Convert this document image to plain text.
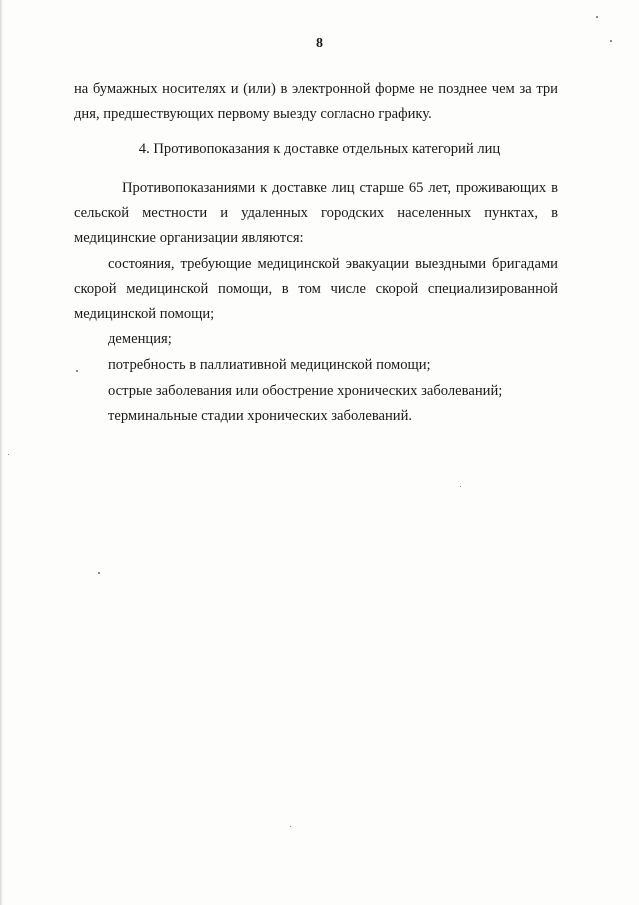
8
на бумажных носителях и (или) в электронной форме не позднее чем за три дня, предшествующих первому выезду согласно графику.
4. Противопоказания к доставке отдельных категорий лиц
Противопоказаниями к доставке лиц старше 65 лет, проживающих в сельской местности и удаленных городских населенных пунктах, в медицинские организации являются:
состояния, требующие медицинской эвакуации выездными бригадами скорой медицинской помощи, в том числе скорой специализированной медицинской помощи;
деменция;
потребность в паллиативной медицинской помощи;
острые заболевания или обострение хронических заболеваний;
терминальные стадии хронических заболеваний.
